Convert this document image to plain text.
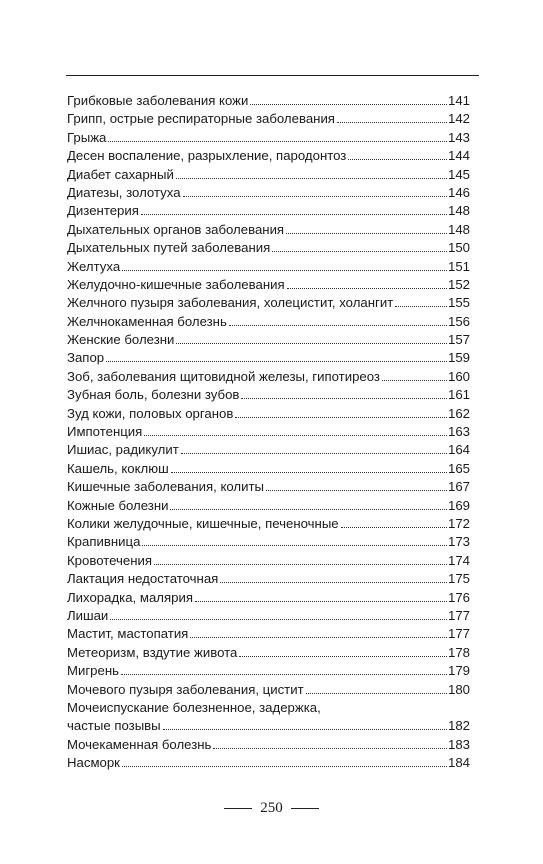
Грибковые заболевания кожи	141
Грипп, острые респираторные заболевания	142
Грыжа	143
Десен воспаление, разрыхление, пародонтоз	144
Диабет сахарный	145
Диатезы, золотуха	146
Дизентерия	148
Дыхательных органов заболевания	148
Дыхательных путей заболевания	150
Желтуха	151
Желудочно-кишечные заболевания	152
Желчного пузыря заболевания, холецистит, холангит	155
Желчнокаменная болезнь	156
Женские болезни	157
Запор	159
Зоб, заболевания щитовидной железы, гипотиреоз	160
Зубная боль, болезни зубов	161
Зуд кожи, половых органов	162
Импотенция	163
Ишиас, радикулит	164
Кашель, коклюш	165
Кишечные заболевания, колиты	167
Кожные болезни	169
Колики желудочные, кишечные, печеночные	172
Крапивница	173
Кровотечения	174
Лактация недостаточная	175
Лихорадка, малярия	176
Лишаи	177
Мастит, мастопатия	177
Метеоризм, вздутие живота	178
Мигрень	179
Мочевого пузыря заболевания, цистит	180
Мочеиспускание болезненное, задержка,
частые позывы	182
Мочекаменная болезнь	183
Насморк	184
250
